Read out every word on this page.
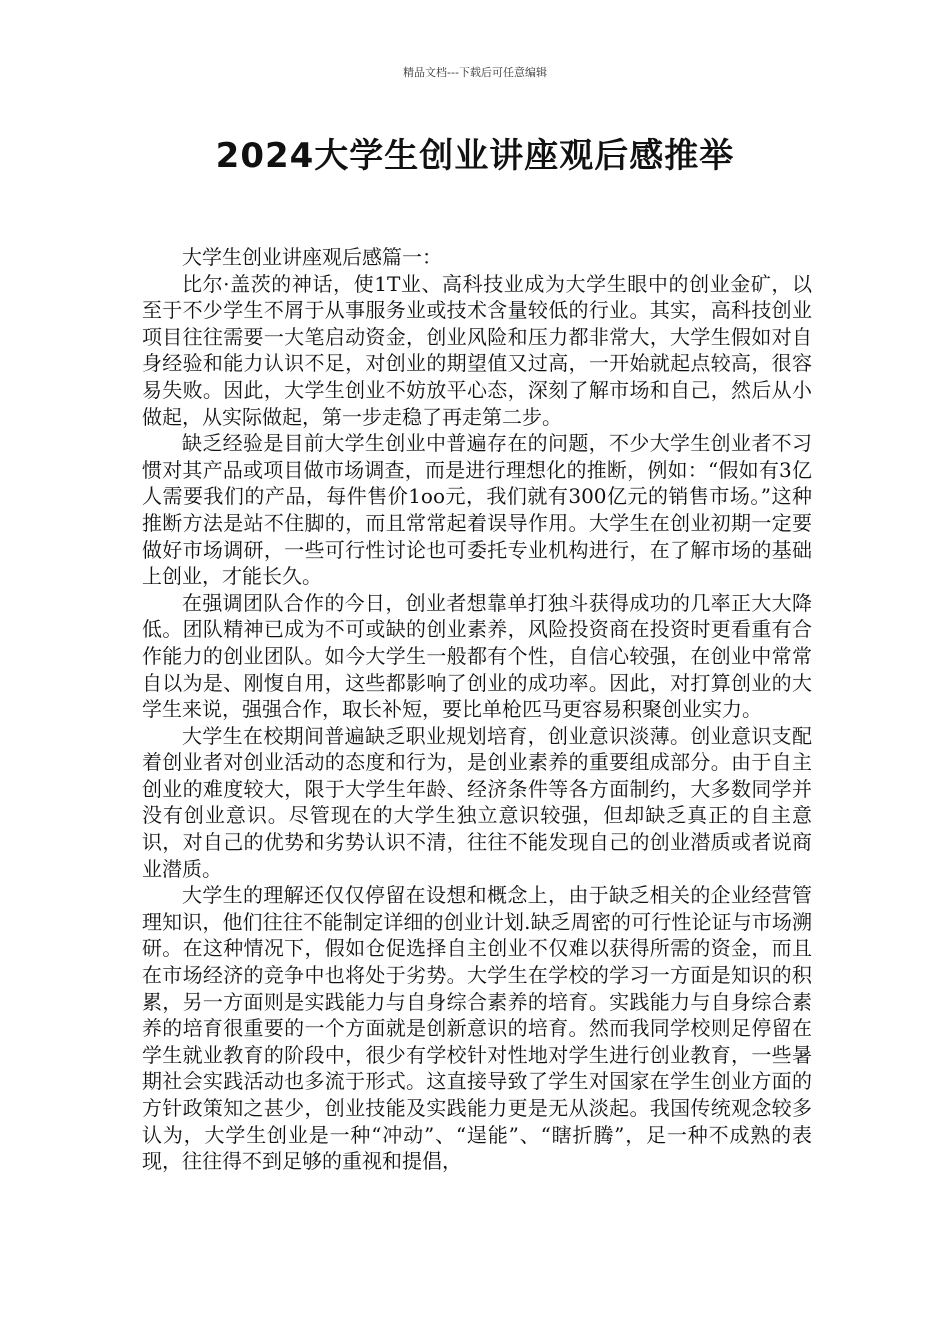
精品文档---下载后可任意编辑
2024大学生创业讲座观后感推举

大学生创业讲座观后感篇一：

比尔·盖茨的神话，使1T业、高科技业成为大学生眼中的创业金矿，以至于不少学生不屑于从事服务业或技术含量较低的行业。其实，高科技创业项目往往需要一大笔启动资金，创业风险和压力都非常大，大学生假如对自身经验和能力认识不足，对创业的期望值又过高，一开始就起点较高，很容易失败。因此，大学生创业不妨放平心态，深刻了解市场和自己，然后从小做起，从实际做起，第一步走稳了再走第二步。

缺乏经验是目前大学生创业中普遍存在的问题，不少大学生创业者不习惯对其产品或项目做市场调查，而是进行理想化的推断，例如：“假如有3亿人需要我们的产品，每件售价1oo元，我们就有300亿元的销售市场。”这种推断方法是站不住脚的，而且常常起着误导作用。大学生在创业初期一定要做好市场调研，一些可行性讨论也可委托专业机构进行，在了解市场的基础上创业，才能长久。

在强调团队合作的今日，创业者想靠单打独斗获得成功的几率正大大降低。团队精神已成为不可或缺的创业素养，风险投资商在投资时更看重有合作能力的创业团队。如今大学生一般都有个性，自信心较强，在创业中常常自以为是、刚愎自用，这些都影响了创业的成功率。因此，对打算创业的大学生来说，强强合作，取长补短，要比单枪匹马更容易积聚创业实力。

大学生在校期间普遍缺乏职业规划培育，创业意识淡薄。创业意识支配着创业者对创业活动的态度和行为，是创业素养的重要组成部分。由于自主创业的难度较大，限于大学生年龄、经济条件等各方面制约，大多数同学并没有创业意识。尽管现在的大学生独立意识较强，但却缺乏真正的自主意识，对自己的优势和劣势认识不清，往往不能发现自己的创业潜质或者说商业潜质。

大学生的理解还仅仅停留在设想和概念上，由于缺乏相关的企业经营管理知识，他们往往不能制定详细的创业计划.缺乏周密的可行性论证与市场溯研。在这种情况下，假如仓促选择自主创业不仅难以获得所需的资金，而且在市场经济的竞争中也将处于劣势。大学生在学校的学习一方面是知识的积累，另一方面则是实践能力与自身综合素养的培育。实践能力与自身综合素养的培育很重要的一个方面就是创新意识的培育。然而我同学校则足停留在学生就业教育的阶段中，很少有学校针对性地对学生进行创业教育，一些暑期社会实践活动也多流于形式。这直接导致了学生对国家在学生创业方面的方针政策知之甚少，创业技能及实践能力更是无从淡起。我国传统观念较多认为，大学生创业是一种“冲动”、“逞能”、“瞎折腾”，足一种不成熟的表现，往往得不到足够的重视和提倡，
